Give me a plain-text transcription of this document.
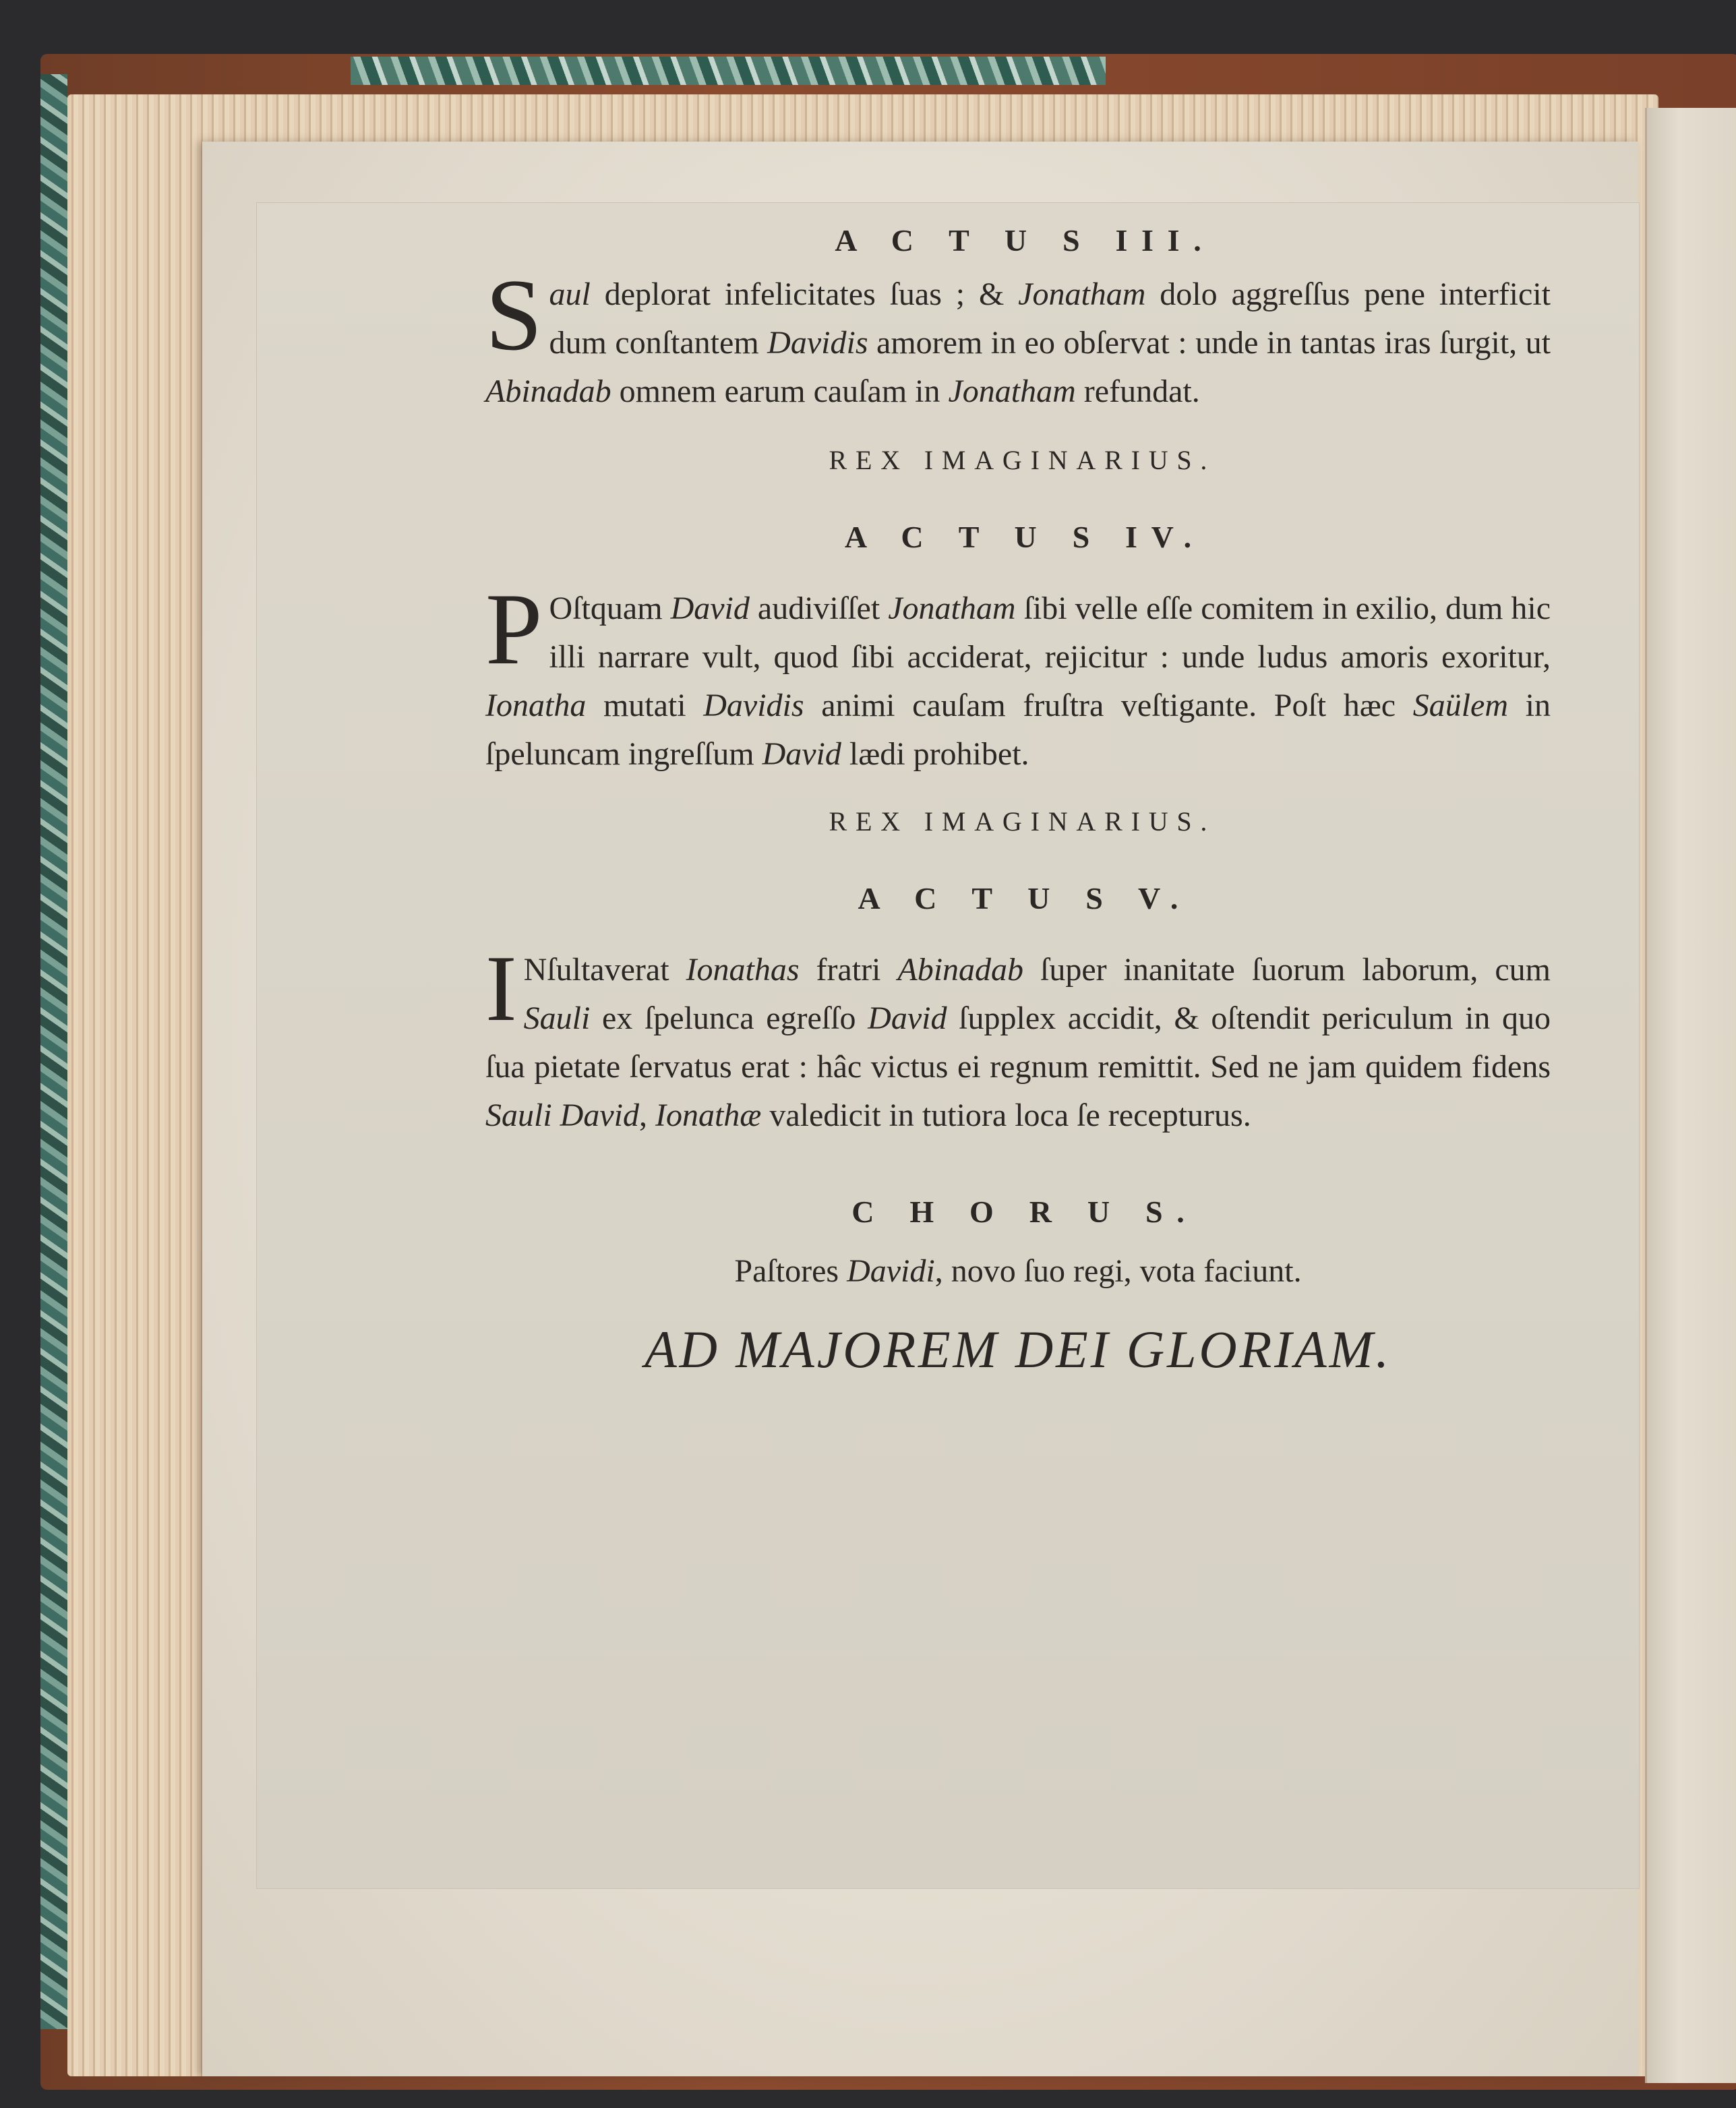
A C T U S III.

Saul deplorat infelicitates ſuas ; & Jonatham dolo aggreſſus pene interficit dum conſtantem Davidis amorem in eo obſervat : unde in tantas iras ſurgit, ut Abinadab omnem earum cauſam in Jonatham refundat.

REX IMAGINARIUS.

A C T U S IV.

P Oſtquam David audiviſſet Jonatham ſibi velle eſſe comitem in exilio, dum hic illi narrare vult, quod ſibi acciderat, rejicitur : unde ludus amoris exoritur, Ionatha mutati Davidis animi cauſam fruſtra veſtigante. Poſt hæc Saülem in ſpeluncam ingreſſum David lædi prohibet.

REX IMAGINARIUS.

A C T U S V.

I Nſultaverat Ionathas fratri Abinadab ſuper inanitate ſuorum laborum, cum Sauli ex ſpelunca egreſſo David ſupplex accidit, & oſtendit periculum in quo ſua pietate ſervatus erat : hâc victus ei regnum remittit. Sed ne jam quidem fidens Sauli David, Ionathæ valedicit in tutiora loca ſe recepturus.

C H O R U S.

Paſtores Davidi, novo ſuo regi, vota faciunt.

AD MAJOREM DEI GLORIAM.
